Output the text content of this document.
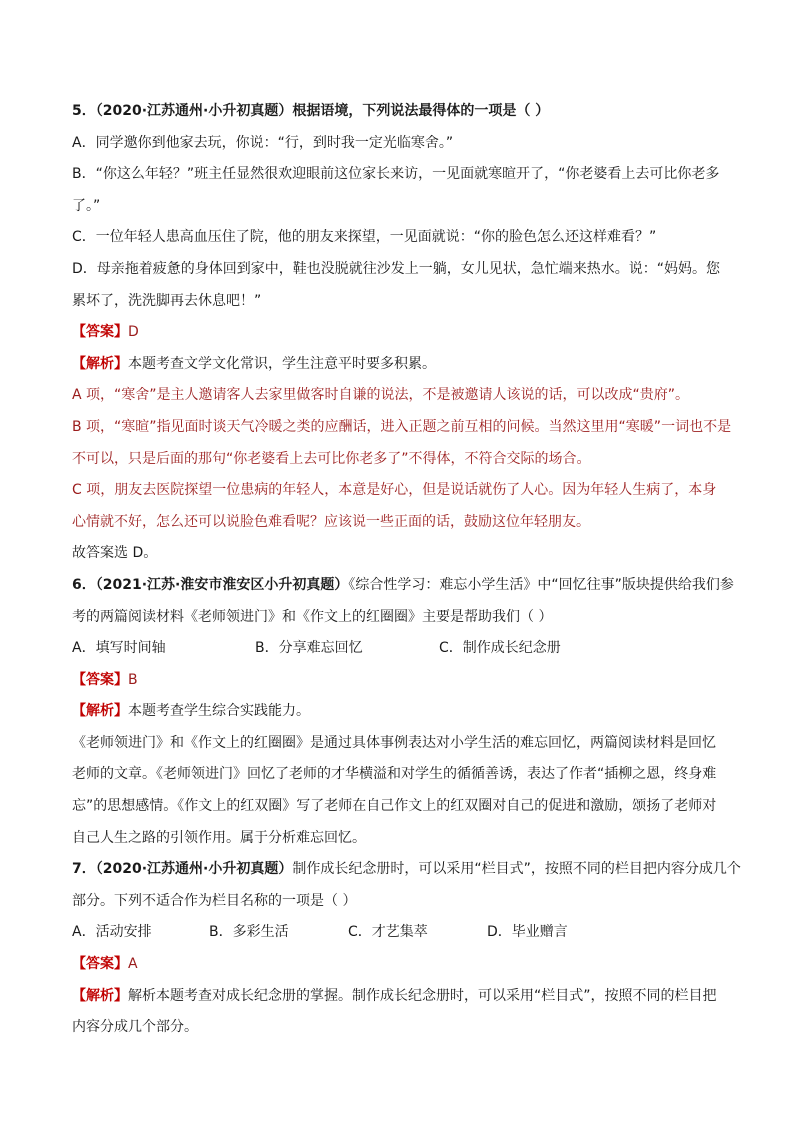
5．（2020·江苏通州·小升初真题）根据语境，下列说法最得体的一项是（ ）
A．同学邀你到他家去玩，你说：“行，到时我一定光临寒舍。”
B．“你这么年轻？”班主任显然很欢迎眼前这位家长来访，一见面就寒暄开了，“你老婆看上去可比你老多
了。”
C．一位年轻人患高血压住了院，他的朋友来探望，一见面就说：“你的脸色怎么还这样难看？”
D．母亲拖着疲惫的身体回到家中，鞋也没脱就往沙发上一躺，女儿见状，急忙端来热水。说：“妈妈。您
累坏了，洗洗脚再去休息吧！”
【答案】D
【解析】本题考查文学文化常识，学生注意平时要多积累。
A 项，“寒舍”是主人邀请客人去家里做客时自谦的说法，不是被邀请人该说的话，可以改成“贵府”。
B 项，“寒暄”指见面时谈天气冷暖之类的应酬话，进入正题之前互相的问候。当然这里用“寒暖”一词也不是
不可以，只是后面的那句“你老婆看上去可比你老多了”不得体，不符合交际的场合。
C 项，朋友去医院探望一位患病的年轻人，本意是好心，但是说话就伤了人心。因为年轻人生病了，本身
心情就不好，怎么还可以说脸色难看呢？应该说一些正面的话，鼓励这位年轻朋友。
故答案选 D。
6．（2021·江苏·淮安市淮安区小升初真题）《综合性学习：难忘小学生活》中“回忆往事”版块提供给我们参
考的两篇阅读材料《老师领进门》和《作文上的红圈圈》主要是帮助我们（ ）
A．填写时间轴	B．分享难忘回忆	C．制作成长纪念册
【答案】B
【解析】本题考查学生综合实践能力。
《老师领进门》和《作文上的红圈圈》是通过具体事例表达对小学生活的难忘回忆，两篇阅读材料是回忆
老师的文章。《老师领进门》回忆了老师的才华横溢和对学生的循循善诱，表达了作者“插柳之恩，终身难
忘”的思想感情。《作文上的红双圈》写了老师在自己作文上的红双圈对自己的促进和激励，颂扬了老师对
自己人生之路的引领作用。属于分析难忘回忆。
7．（2020·江苏通州·小升初真题）制作成长纪念册时，可以采用“栏目式”，按照不同的栏目把内容分成几个
部分。下列不适合作为栏目名称的一项是（ ）
A．活动安排	B．多彩生活	C．才艺集萃	D．毕业赠言
【答案】A
【解析】解析本题考查对成长纪念册的掌握。制作成长纪念册时，可以采用“栏目式”，按照不同的栏目把
内容分成几个部分。
